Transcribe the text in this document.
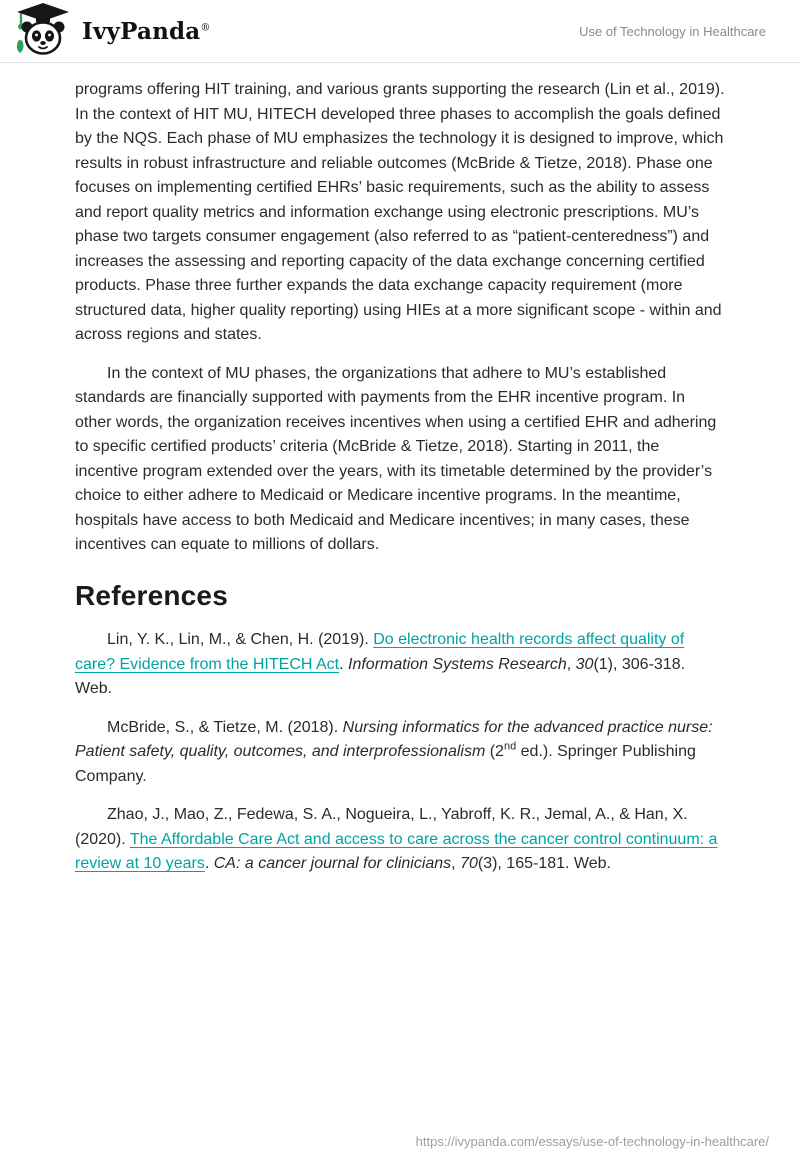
IvyPanda®	Use of Technology in Healthcare

programs offering HIT training, and various grants supporting the research (Lin et al., 2019). In the context of HIT MU, HITECH developed three phases to accomplish the goals defined by the NQS. Each phase of MU emphasizes the technology it is designed to improve, which results in robust infrastructure and reliable outcomes (McBride & Tietze, 2018). Phase one focuses on implementing certified EHRs’ basic requirements, such as the ability to assess and report quality metrics and information exchange using electronic prescriptions. MU’s phase two targets consumer engagement (also referred to as “patient-centeredness”) and increases the assessing and reporting capacity of the data exchange concerning certified products. Phase three further expands the data exchange capacity requirement (more structured data, higher quality reporting) using HIEs at a more significant scope - within and across regions and states.

In the context of MU phases, the organizations that adhere to MU’s established standards are financially supported with payments from the EHR incentive program. In other words, the organization receives incentives when using a certified EHR and adhering to specific certified products’ criteria (McBride & Tietze, 2018). Starting in 2011, the incentive program extended over the years, with its timetable determined by the provider’s choice to either adhere to Medicaid or Medicare incentive programs. In the meantime, hospitals have access to both Medicaid and Medicare incentives; in many cases, these incentives can equate to millions of dollars.

References

Lin, Y. K., Lin, M., & Chen, H. (2019). Do electronic health records affect quality of care? Evidence from the HITECH Act. Information Systems Research, 30(1), 306-318. Web.

McBride, S., & Tietze, M. (2018). Nursing informatics for the advanced practice nurse: Patient safety, quality, outcomes, and interprofessionalism (2nd ed.). Springer Publishing Company.

Zhao, J., Mao, Z., Fedewa, S. A., Nogueira, L., Yabroff, K. R., Jemal, A., & Han, X. (2020). The Affordable Care Act and access to care across the cancer control continuum: a review at 10 years. CA: a cancer journal for clinicians, 70(3), 165-181. Web.

https://ivypanda.com/essays/use-of-technology-in-healthcare/
